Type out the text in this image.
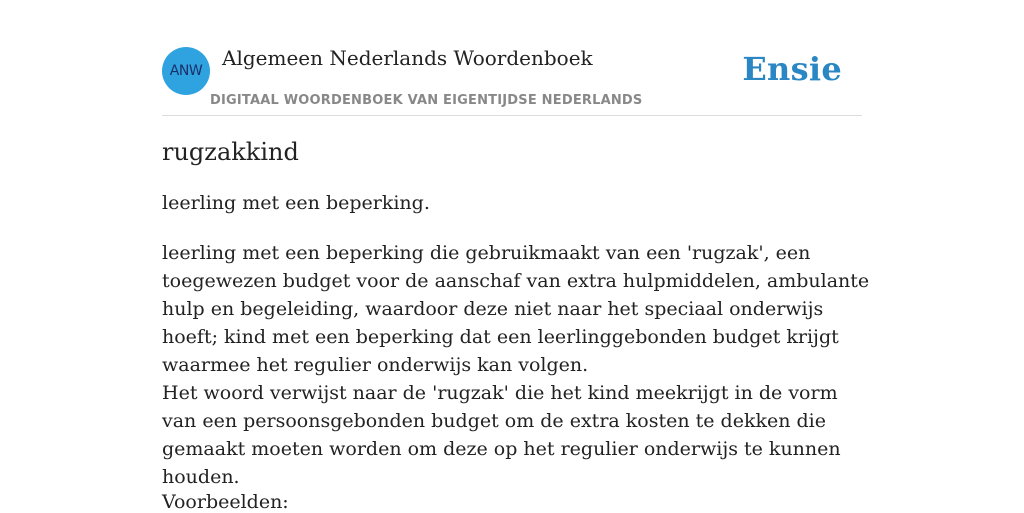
ANW
Algemeen Nederlands Woordenboek
DIGITAAL WOORDENBOEK VAN EIGENTIJDSE NEDERLANDS
Ensie
rugzakkind
leerling met een beperking.

leerling met een beperking die gebruikmaakt van een 'rugzak', een toegewezen budget voor de aanschaf van extra hulpmiddelen, ambulante hulp en begeleiding, waardoor deze niet naar het speciaal onderwijs hoeft; kind met een beperking dat een leerlinggebonden budget krijgt waarmee het regulier onderwijs kan volgen.

Het woord verwijst naar de 'rugzak' die het kind meekrijgt in de vorm van een persoonsgebonden budget om de extra kosten te dekken die gemaakt moeten worden om deze op het regulier onderwijs te kunnen houden.

Voorbeelden:
